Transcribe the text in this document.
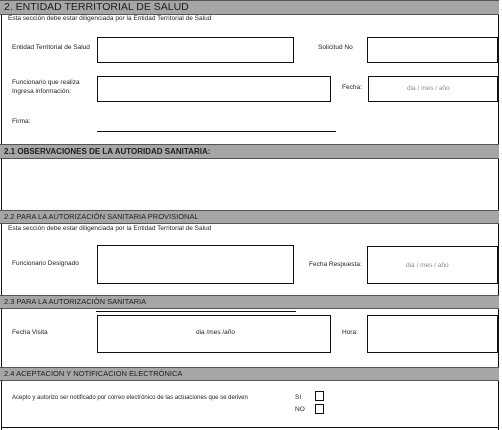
2. ENTIDAD TERRITORIAL DE SALUD
Esta sección debe estar diligenciada por la Entidad Territorial de Salud
Entidad Territorial de Salud	Solicitud No
Funcionario que realiza
Ingresa información:
Fecha:	dia / mes / año
Firma:
2.1 OBSERVACIONES DE LA AUTORIDAD SANITARIA:
2.2 PARA LA AUTORIZACIÓN SANITARIA PROVISIONAL
Esta sección debe estar diligenciada por la Entidad Territorial de Salud
Funcionario Designado	Fecha Respuesta:	dia / mes / año
2.3 PARA LA AUTORIZACIÓN SANITARIA
Fecha Visita	dia /mes /año	Hora:
2.4 ACEPTACION Y NOTIFICACION ELECTRÓNICA
Acepto y autorizo ser notificado por correo electrónico de las actuaciones que se deriven	SI
NO
